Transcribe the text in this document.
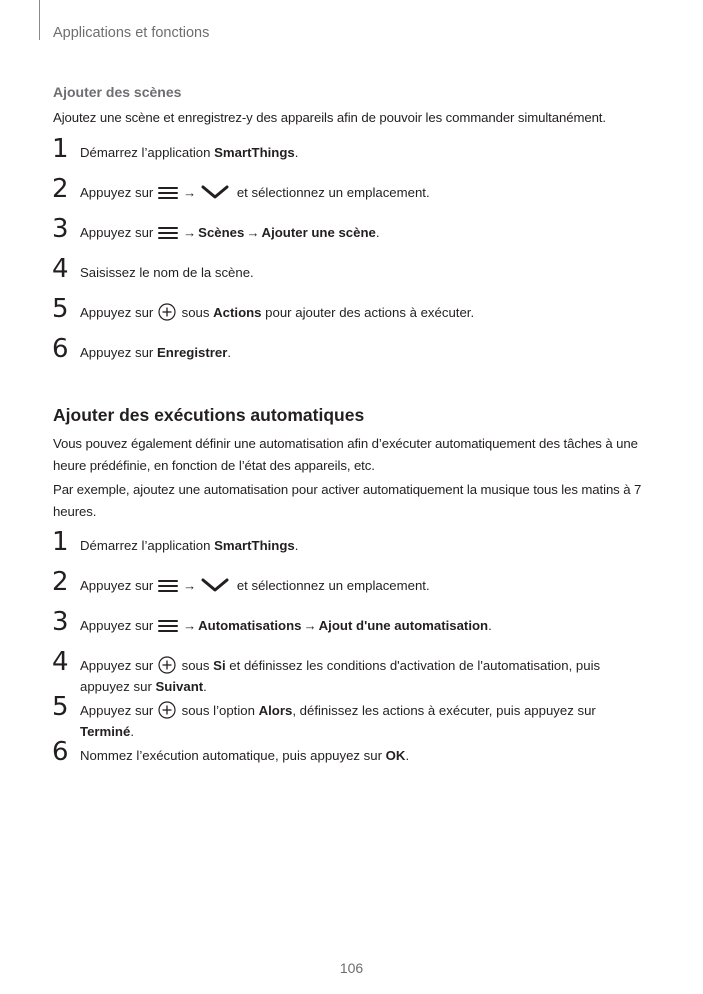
Applications et fonctions
Ajouter des scènes

Ajoutez une scène et enregistrez-y des appareils afin de pouvoir les commander simultanément.

1 Démarrez l’application SmartThings.
2 Appuyez sur
→	et sélectionnez un emplacement.
3 Appuyez sur
→ Scènes → Ajouter une scène.
4 Saisissez le nom de la scène.
5 Appuyez sur  sous Actions pour ajouter des actions à exécuter.
6 Appuyez sur Enregistrer.
Ajouter des exécutions automatiques

Vous pouvez également définir une automatisation afin d’exécuter automatiquement des tâches à une heure prédéfinie, en fonction de l’état des appareils, etc.

Par exemple, ajoutez une automatisation pour activer automatiquement la musique tous les matins à 7 heures.

1 Démarrez l’application SmartThings.
2 Appuyez sur
→	et sélectionnez un emplacement.
3 Appuyez sur
→ Automatisations → Ajout d'une automatisation.
4 Appuyez sur  sous Si et définissez les conditions d'activation de l'automatisation, puis appuyez sur Suivant.
5 Appuyez sur  sous l’option Alors, définissez les actions à exécuter, puis appuyez sur Terminé.
6 Nommez l’exécution automatique, puis appuyez sur OK.
106
